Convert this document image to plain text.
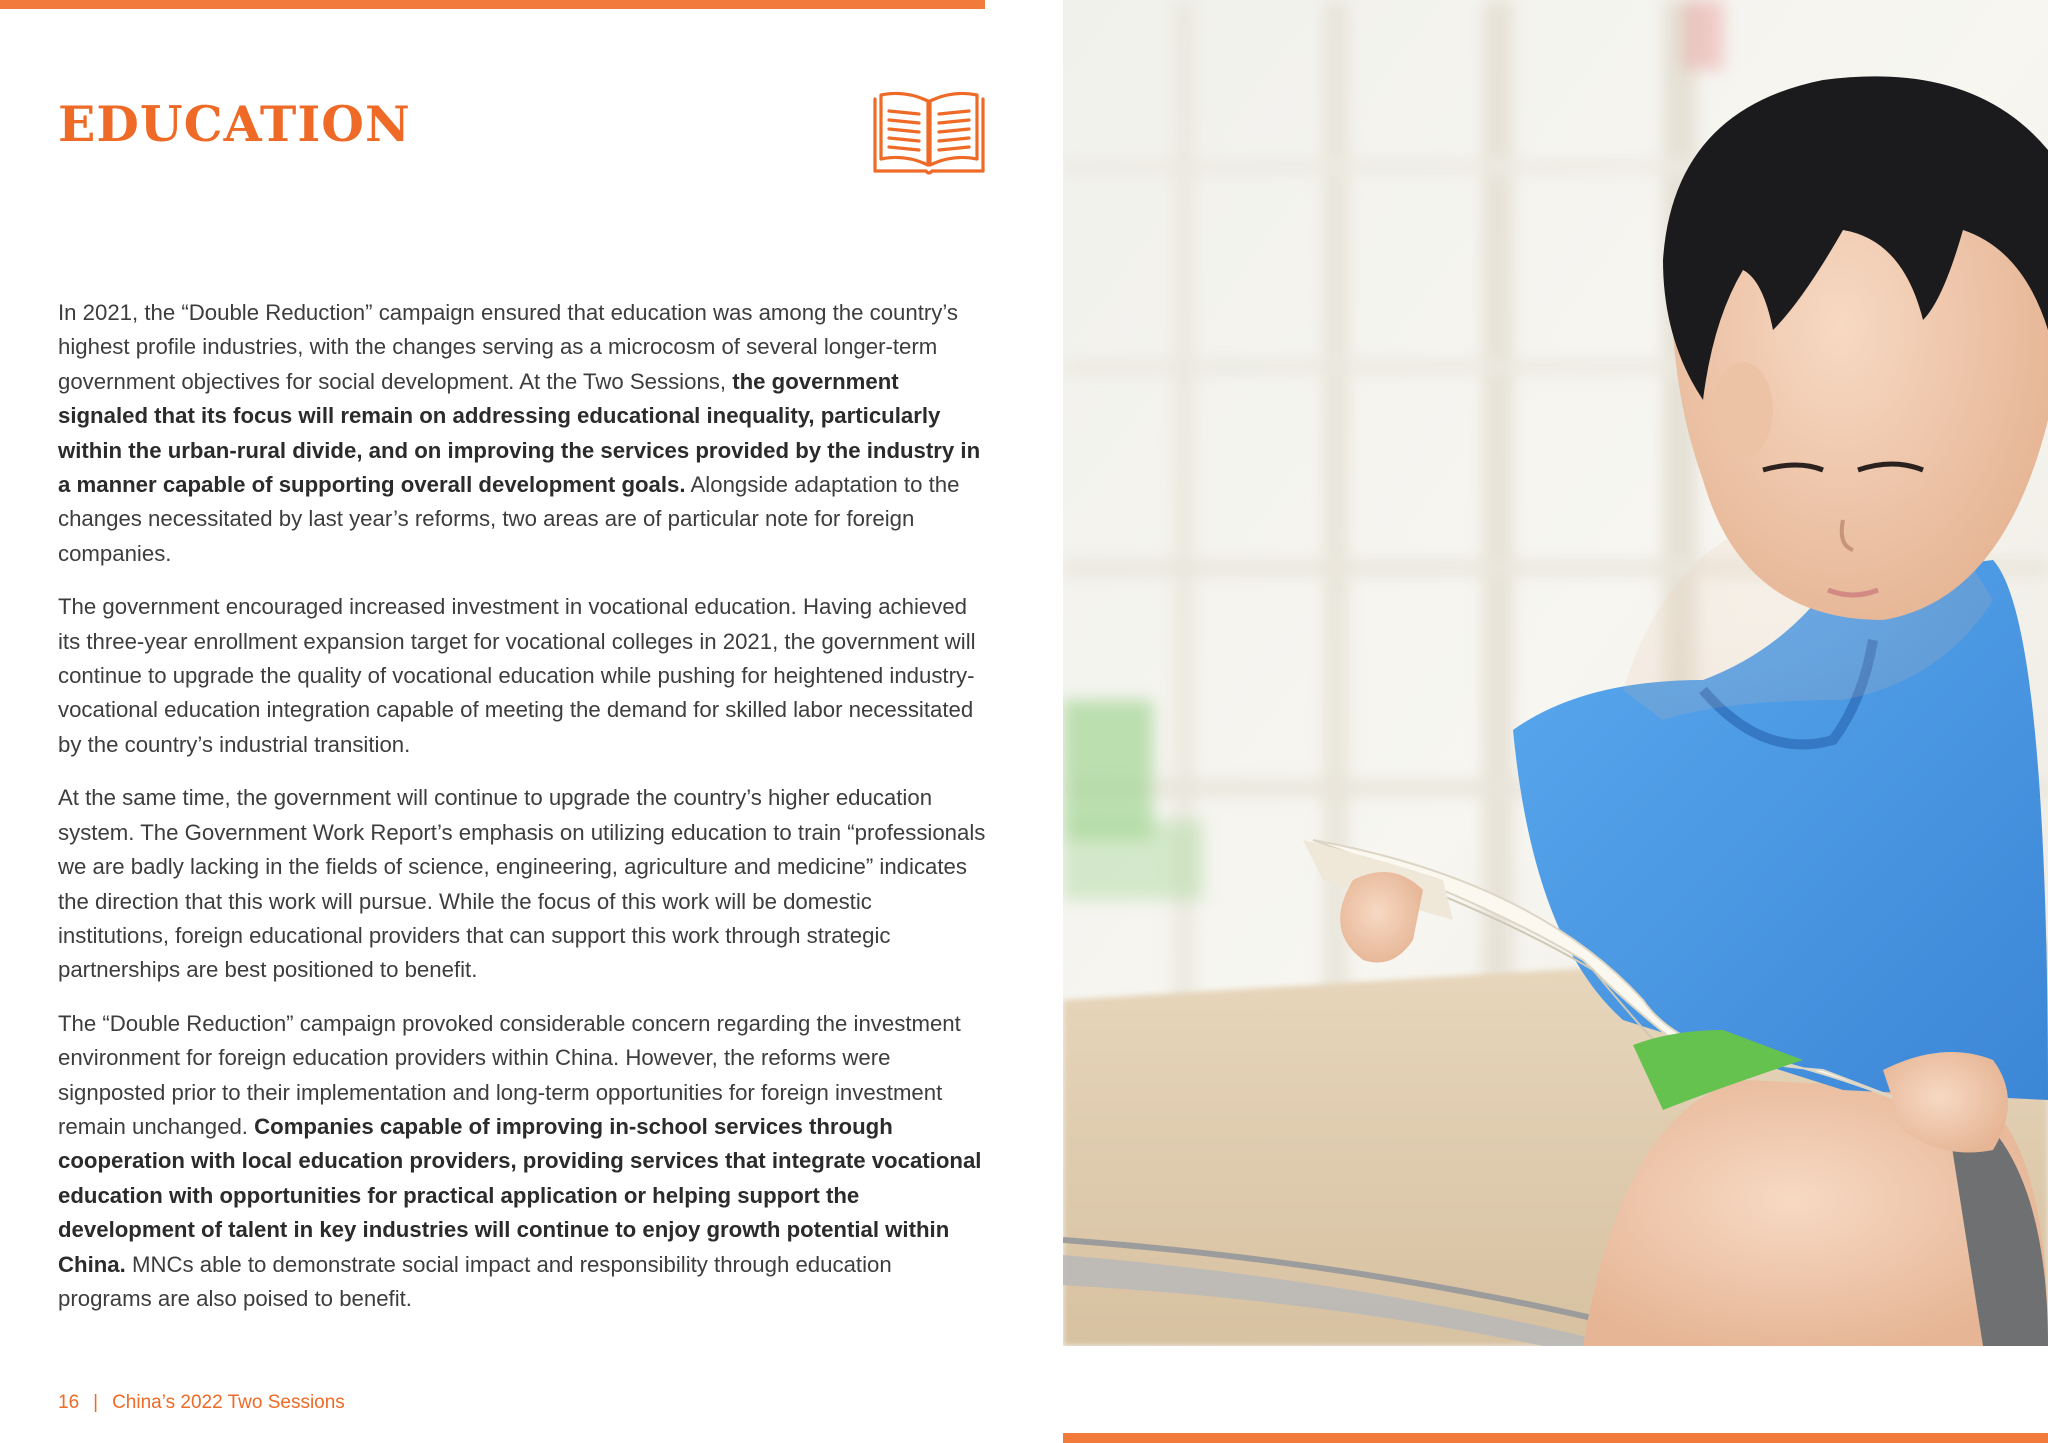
EDUCATION

In 2021, the “Double Reduction” campaign ensured that education was among the country’s highest profile industries, with the changes serving as a microcosm of several longer-term government objectives for social development. At the Two Sessions, the government signaled that its focus will remain on addressing educational inequality, particularly within the urban-rural divide, and on improving the services provided by the industry in a manner capable of supporting overall development goals. Alongside adaptation to the changes necessitated by last year’s reforms, two areas are of particular note for foreign companies.

The government encouraged increased investment in vocational education. Having achieved its three-year enrollment expansion target for vocational colleges in 2021, the government will continue to upgrade the quality of vocational education while pushing for heightened industry-vocational education integration capable of meeting the demand for skilled labor necessitated by the country’s industrial transition.

At the same time, the government will continue to upgrade the country’s higher education system. The Government Work Report’s emphasis on utilizing education to train “professionals we are badly lacking in the fields of science, engineering, agriculture and medicine” indicates the direction that this work will pursue. While the focus of this work will be domestic institutions, foreign educational providers that can support this work through strategic partnerships are best positioned to benefit.

The “Double Reduction” campaign provoked considerable concern regarding the investment environment for foreign education providers within China. However, the reforms were signposted prior to their implementation and long-term opportunities for foreign investment remain unchanged. Companies capable of improving in-school services through cooperation with local education providers, providing services that integrate vocational education with opportunities for practical application or helping support the development of talent in key industries will continue to enjoy growth potential within China. MNCs able to demonstrate social impact and responsibility through education programs are also poised to benefit.

16 | China’s 2022 Two Sessions
